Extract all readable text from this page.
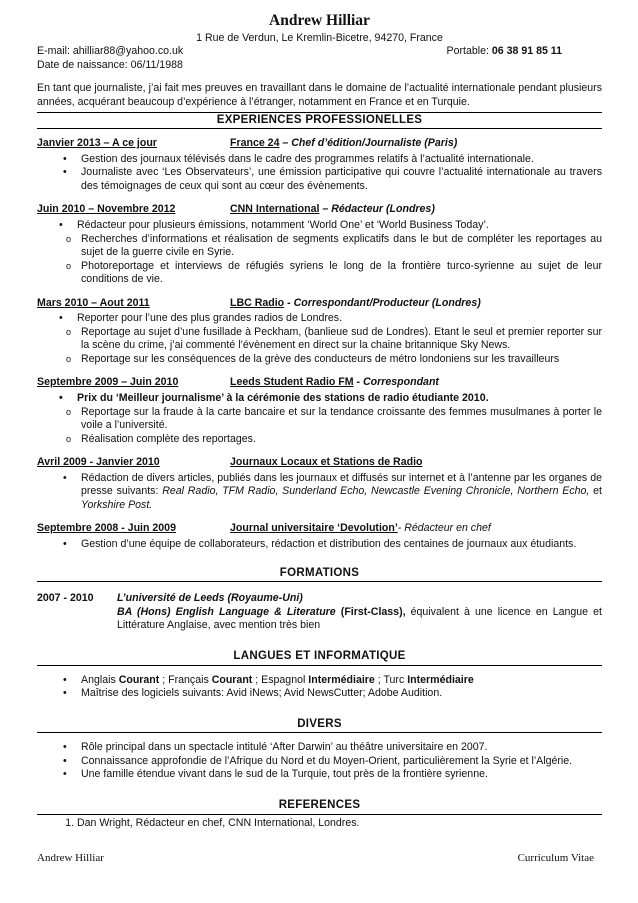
Andrew Hilliar
1 Rue de Verdun, Le Kremlin-Bicetre, 94270, France
E-mail: ahilliar88@yahoo.co.uk	Portable: 06 38 91 85 11
Date de naissance: 06/11/1988
En tant que journaliste, j’ai fait mes preuves en travaillant dans le domaine de l’actualité internationale pendant plusieurs années, acquérant beaucoup d’expérience à l’étranger, notamment en France et en Turquie.
EXPERIENCES PROFESSIONELLES
Janvier 2013 – A ce jour	France 24 – Chef d’édition/Journaliste (Paris)
• Gestion des journaux télévisés dans le cadre des programmes relatifs à l’actualité internationale.
• Journaliste avec ‘Les Observateurs’, une émission participative qui couvre l’actualité internationale au travers des témoignages de ceux qui sont au cœur des évènements.
Juin 2010 – Novembre 2012	CNN International – Rédacteur (Londres)
• Rédacteur pour plusieurs émissions, notamment ‘World One’ et ‘World Business Today’.
o Recherches d’informations et réalisation de segments explicatifs dans le but de compléter les reportages au sujet de la guerre civile en Syrie.
o Photoreportage et interviews de réfugiés syriens le long de la frontière turco-syrienne au sujet de leur conditions de vie.
Mars 2010 – Aout 2011	LBC Radio - Correspondant/Producteur (Londres)
• Reporter pour l’une des plus grandes radios de Londres.
o Reportage au sujet d’une fusillade à Peckham, (banlieue sud de Londres). Etant le seul et premier reporter sur la scène du crime, j’ai commenté l’évènement en direct sur la chaine britannique Sky News.
o Reportage sur les conséquences de la grève des conducteurs de métro londoniens sur les travailleurs
Septembre 2009 – Juin 2010	Leeds Student Radio FM - Correspondant
• Prix du ‘Meilleur journalisme’ à la cérémonie des stations de radio étudiante 2010.
o Reportage sur la fraude à la carte bancaire et sur la tendance croissante des femmes musulmanes à porter le voile a l’université.
o Réalisation complète des reportages.
Avril 2009 - Janvier 2010	Journaux Locaux et Stations de Radio
• Rédaction de divers articles, publiés dans les journaux et diffusés sur internet et à l’antenne par les organes de presse suivants: Real Radio, TFM Radio, Sunderland Echo, Newcastle Evening Chronicle, Northern Echo, et Yorkshire Post.
Septembre 2008 - Juin 2009	Journal universitaire ‘Devolution’- Rédacteur en chef
• Gestion d’une équipe de collaborateurs, rédaction et distribution des centaines de journaux aux étudiants.
FORMATIONS
2007 - 2010	L’université de Leeds (Royaume-Uni)
BA (Hons) English Language & Literature (First-Class), équivalent à une licence en Langue et Littérature Anglaise, avec mention très bien
LANGUES ET INFORMATIQUE
• Anglais Courant ; Français Courant ; Espagnol Intermédiaire ; Turc Intermédiaire
• Maîtrise des logiciels suivants: Avid iNews; Avid NewsCutter; Adobe Audition.
DIVERS
• Rôle principal dans un spectacle intitulé ‘After Darwin’ au théâtre universitaire en 2007.
• Connaissance approfondie de l’Afrique du Nord et du Moyen-Orient, particulièrement la Syrie et l’Algérie.
• Une famille étendue vivant dans le sud de la Turquie, tout près de la frontière syrienne.
REFERENCES
1. Dan Wright, Rédacteur en chef, CNN International, Londres.
Andrew Hilliar	Curriculum Vitae
